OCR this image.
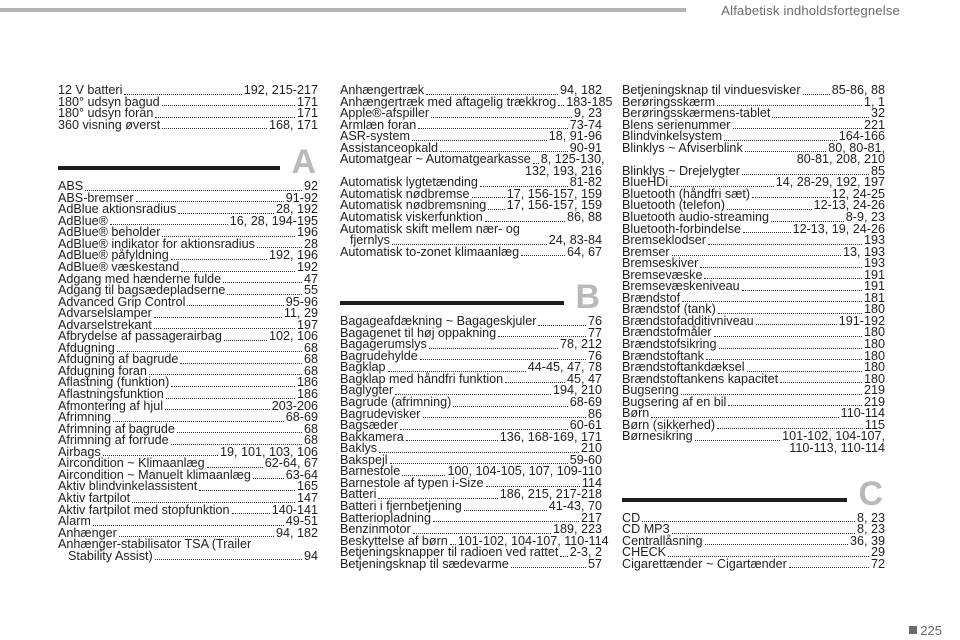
Alfabetisk indholdsfortegnelse
12 V batteri	192, 215-217
180° udsyn bagud	171
180° udsyn foran	171
360 visning øverst	168, 171
A
ABS	92
ABS-bremser	91-92
AdBlue aktionsradius	28, 192
AdBlue®	16, 28, 194-195
AdBlue® beholder	196
AdBlue® indikator for aktionsradius	28
AdBlue® påfyldning	192, 196
AdBlue® væskestand	192
Adgang med hænderne fulde	47
Adgang til bagsædepladserne	55
Advanced Grip Control	95-96
Advarselslamper	11, 29
Advarselstrekant	197
Afbrydelse af passagerairbag	102, 106
Afdugning	68
Afdugning af bagrude	68
Afdugning foran	68
Aflastning (funktion)	186
Aflastningsfunktion	186
Afmontering af hjul	203-206
Afrimning	68-69
Afrimning af bagrude	68
Afrimning af forrude	68
Airbags	19, 101, 103, 106
Aircondition ~ Klimaanlæg	62-64, 67
Aircondition ~ Manuelt klimaanlæg	63-64
Aktiv blindvinkelassistent	165
Aktiv fartpilot	147
Aktiv fartpilot med stopfunktion	140-141
Alarm	49-51
Anhænger	94, 182
Anhænger-stabilisator TSA (Trailer
Stability Assist)	94
Anhængertræk	94, 182
Anhængertræk med aftagelig trækkrog 183-185
Apple®-afspiller	9, 23
Armlæn foran	73-74
ASR-system	18, 91-96
Assistanceopkald	90-91
Automatgear ~ Automatgearkasse 8, 125-130,
132, 193, 216
Automatisk lygtetænding	81-82
Automatisk nødbremse	17, 156-157, 159
Automatisk nødbremsning 17, 156-157, 159
Automatisk viskerfunktion	86, 88
Automatisk skift mellem nær- og
fjernlys	24, 83-84
Automatisk to-zonet klimaanlæg	64, 67
B
Bagageafdækning ~ Bagageskjuler	76
Bagagenet til høj oppakning	77
Bagagerumslys	78, 212
Bagrudehylde	76
Bagklap	44-45, 47, 78
Bagklap med håndfri funktion	45, 47
Baglygter	194, 210
Bagrude (afrimning)	68-69
Bagrudevisker	86
Bagsæder	60-61
Bakkamera	136, 168-169, 171
Baklys	210
Bakspejl	59-60
Barnestole	100, 104-105, 107, 109-110
Barnestole af typen i-Size	114
Batteri	186, 215, 217-218
Batteri i fjernbetjening	41-43, 70
Batteriopladning	217
Benzinmotor	189, 223
Beskyttelse af børn 101-102, 104-107, 110-114
Betjeningsknapper til radioen ved rattet 2-3, 2
Betjeningsknap til sædevarme	57
Betjeningsknap til vinduesvisker 85-86, 88
Berøringsskærm	1, 1
Berøringsskærmens-tablet	32
Blens serienummer	221
Blindvinkelsystem	164-166
Blinklys ~ Afviserblink	80, 80-81,
80-81, 208, 210
Blinklys ~ Drejelygter	85
BlueHDi	14, 28-29, 192, 197
Bluetooth (håndfri sæt)	12, 24-25
Bluetooth (telefon)	12-13, 24-26
Bluetooth audio-streaming	8-9, 23
Bluetooth-forbindelse	12-13, 19, 24-26
Bremseklodser	193
Bremser	13, 193
Bremseskiver	193
Bremsevæske	191
Bremsevæskeniveau	191
Brændstof	181
Brændstof (tank)	180
Brændstofadditivniveau	191-192
Brændstofmåler	180
Brændstofsikring	180
Brændstoftank	180
Brændstoftankdæksel	180
Brændstoftankens kapacitet	180
Bugsering	219
Bugsering af en bil	219
Børn	110-114
Børn (sikkerhed)	115
Børnesikring	101-102, 104-107,
110-113, 110-114
C
CD	8, 23
CD MP3	8, 23
Centrallåsning	36, 39
CHECK	29
Cigarettænder ~ Cigartænder	72
225
